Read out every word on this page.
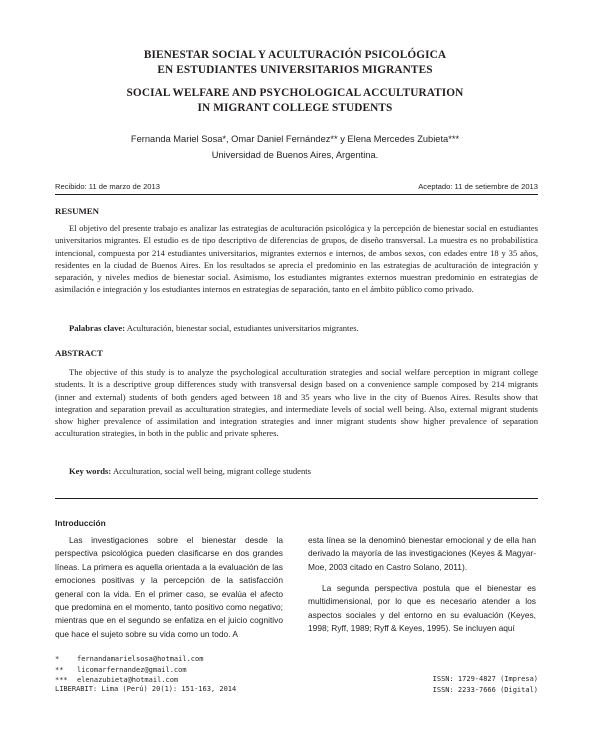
BIENESTAR SOCIAL Y ACULTURACIÓN PSICOLÓGICA
EN ESTUDIANTES UNIVERSITARIOS MIGRANTES
SOCIAL WELFARE AND PSYCHOLOGICAL ACCULTURATION
IN MIGRANT COLLEGE STUDENTS
Fernanda Mariel Sosa*, Omar Daniel Fernández** y Elena Mercedes Zubieta***
Universidad de Buenos Aires, Argentina.
Recibido: 11 de marzo de 2013	Aceptado: 11 de setiembre de 2013
RESUMEN
El objetivo del presente trabajo es analizar las estrategias de aculturación psicológica y la percepción de bienestar social en estudiantes universitarios migrantes. El estudio es de tipo descriptivo de diferencias de grupos, de diseño transversal. La muestra es no probabilística intencional, compuesta por 214 estudiantes universitarios, migrantes externos e internos, de ambos sexos, con edades entre 18 y 35 años, residentes en la ciudad de Buenos Aires. En los resultados se aprecia el predominio en las estrategias de aculturación de integración y separación, y niveles medios de bienestar social. Asimismo, los estudiantes migrantes externos muestran predominio en estrategias de asimilación e integración y los estudiantes internos en estrategias de separación, tanto en el ámbito público como privado.
Palabras clave: Aculturación, bienestar social, estudiantes universitarios migrantes.
ABSTRACT
The objective of this study is to analyze the psychological acculturation strategies and social welfare perception in migrant college students. It is a descriptive group differences study with transversal design based on a convenience sample composed by 214 migrants (inner and external) students of both genders aged between 18 and 35 years who live in the city of Buenos Aires. Results show that integration and separation prevail as acculturation strategies, and intermediate levels of social well being. Also, external migrant students show higher prevalence of assimilation and integration strategies and inner migrant students show higher prevalence of separation acculturation strategies, in both in the public and private spheres.
Key words: Acculturation, social well being, migrant college students
Introducción
Las investigaciones sobre el bienestar desde la perspectiva psicológica pueden clasificarse en dos grandes líneas. La primera es aquella orientada a la evaluación de las emociones positivas y la percepción de la satisfacción general con la vida. En el primer caso, se evalúa el afecto que predomina en el momento, tanto positivo como negativo; mientras que en el segundo se enfatiza en el juicio cognitivo que hace el sujeto sobre su vida como un todo. A
esta línea se la denominó bienestar emocional y de ella han derivado la mayoría de las investigaciones (Keyes & Magyar- Moe, 2003 citado en Castro Solano, 2011).
La segunda perspectiva postula que el bienestar es multidimensional, por lo que es necesario atender a los aspectos sociales y del entorno en su evaluación (Keyes, 1998; Ryff, 1989; Ryff & Keyes, 1995). Se incluyen aquí
*	fernandamarielsosa@hotmail.com
**	licomarfernandez@gmail.com
***	elenazubieta@hotmail.com
LIBERABIT: Lima (Perú) 20(1): 151-163, 2014
ISSN: 1729-4827 (Impresa)
ISSN: 2233-7666 (Digital)
